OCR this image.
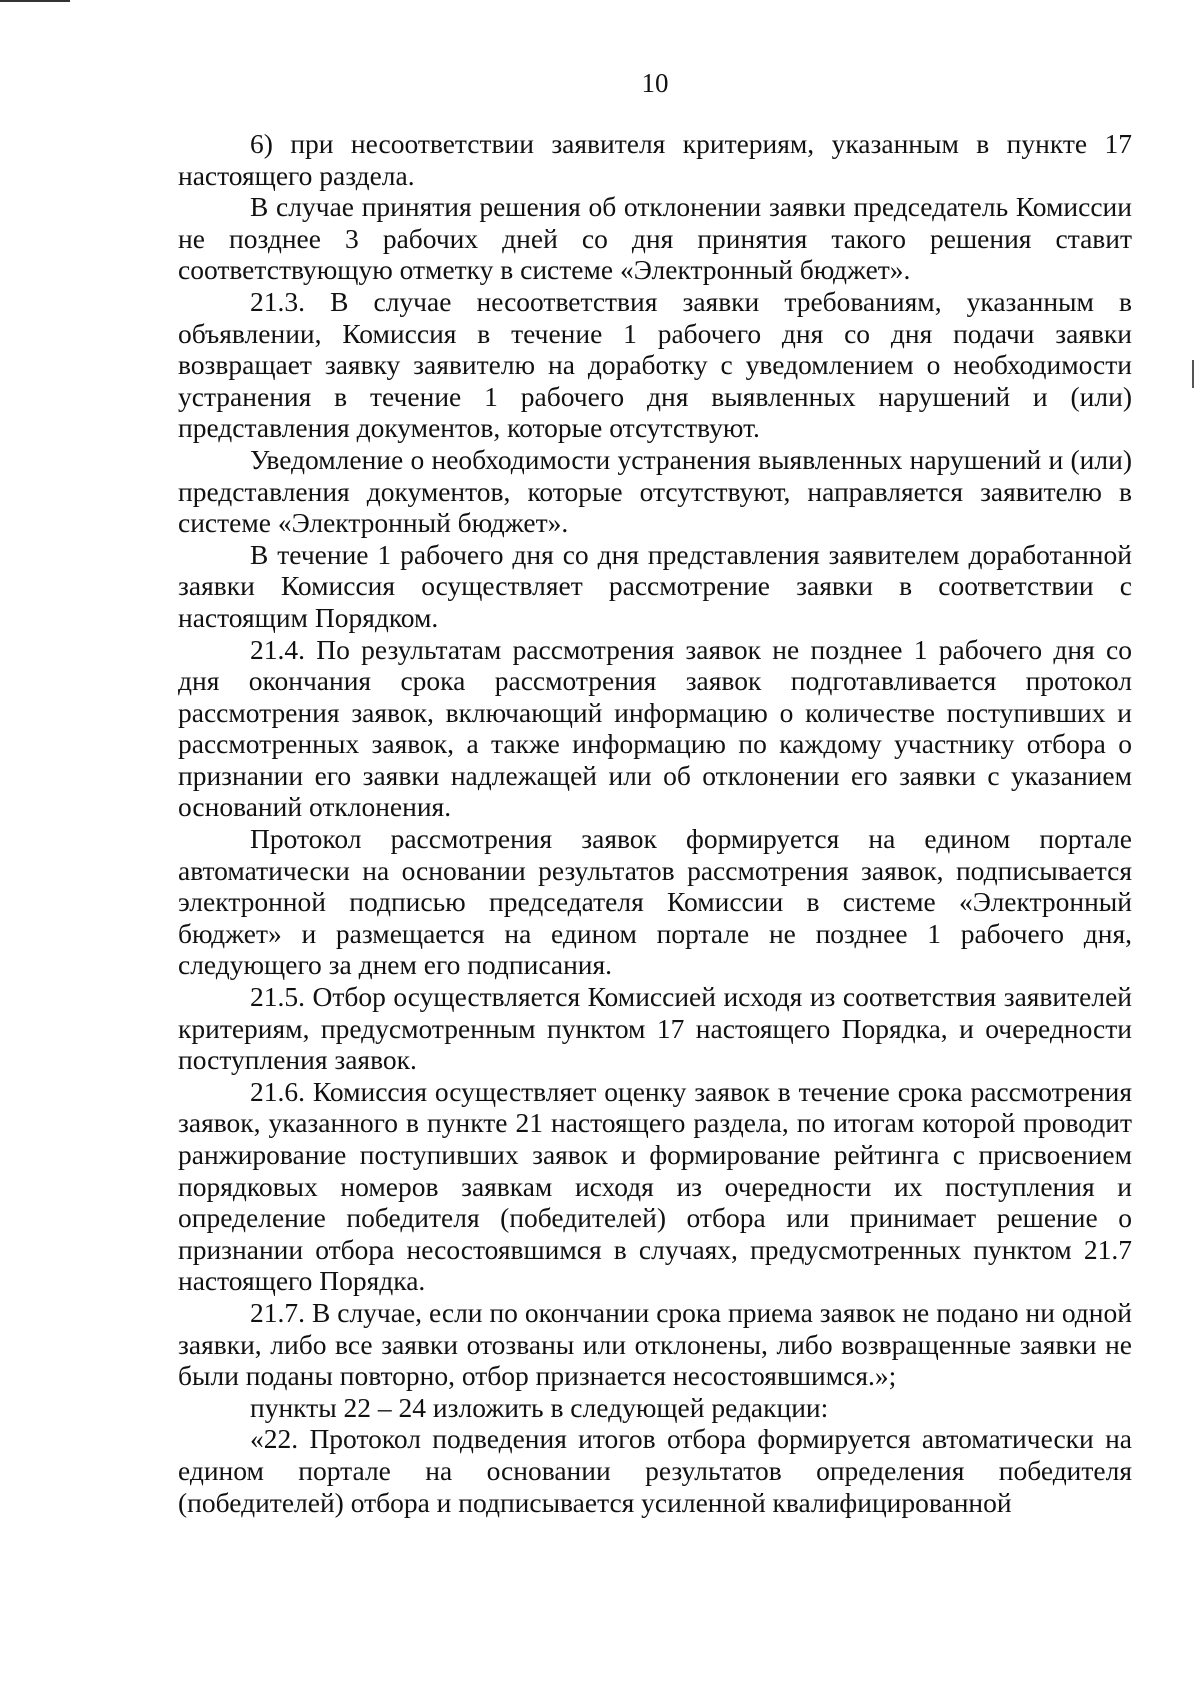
10

6) при несоответствии заявителя критериям, указанным в пункте 17 настоящего раздела.

В случае принятия решения об отклонении заявки председатель Комиссии не позднее 3 рабочих дней со дня принятия такого решения ставит соответствующую отметку в системе «Электронный бюджет».

21.3. В случае несоответствия заявки требованиям, указанным в объявлении, Комиссия в течение 1 рабочего дня со дня подачи заявки возвращает заявку заявителю на доработку с уведомлением о необходимости устранения в течение 1 рабочего дня выявленных нарушений и (или) представления документов, которые отсутствуют.

Уведомление о необходимости устранения выявленных нарушений и (или) представления документов, которые отсутствуют, направляется заявителю в системе «Электронный бюджет».

В течение 1 рабочего дня со дня представления заявителем доработанной заявки Комиссия осуществляет рассмотрение заявки в соответствии с настоящим Порядком.

21.4. По результатам рассмотрения заявок не позднее 1 рабочего дня со дня окончания срока рассмотрения заявок подготавливается протокол рассмотрения заявок, включающий информацию о количестве поступивших и рассмотренных заявок, а также информацию по каждому участнику отбора о признании его заявки надлежащей или об отклонении его заявки с указанием оснований отклонения.

Протокол рассмотрения заявок формируется на едином портале автоматически на основании результатов рассмотрения заявок, подписывается электронной подписью председателя Комиссии в системе «Электронный бюджет» и размещается на едином портале не позднее 1 рабочего дня, следующего за днем его подписания.

21.5. Отбор осуществляется Комиссией исходя из соответствия заявителей критериям, предусмотренным пунктом 17 настоящего Порядка, и очередности поступления заявок.

21.6. Комиссия осуществляет оценку заявок в течение срока рассмотрения заявок, указанного в пункте 21 настоящего раздела, по итогам которой проводит ранжирование поступивших заявок и формирование рейтинга с присвоением порядковых номеров заявкам исходя из очередности их поступления и определение победителя (победителей) отбора или принимает решение о признании отбора несостоявшимся в случаях, предусмотренных пунктом 21.7 настоящего Порядка.

21.7. В случае, если по окончании срока приема заявок не подано ни одной заявки, либо все заявки отозваны или отклонены, либо возвращенные заявки не были поданы повторно, отбор признается несостоявшимся.»;

пункты 22 – 24 изложить в следующей редакции:

«22. Протокол подведения итогов отбора формируется автоматически на едином портале на основании результатов определения победителя (победителей) отбора и подписывается усиленной квалифицированной
